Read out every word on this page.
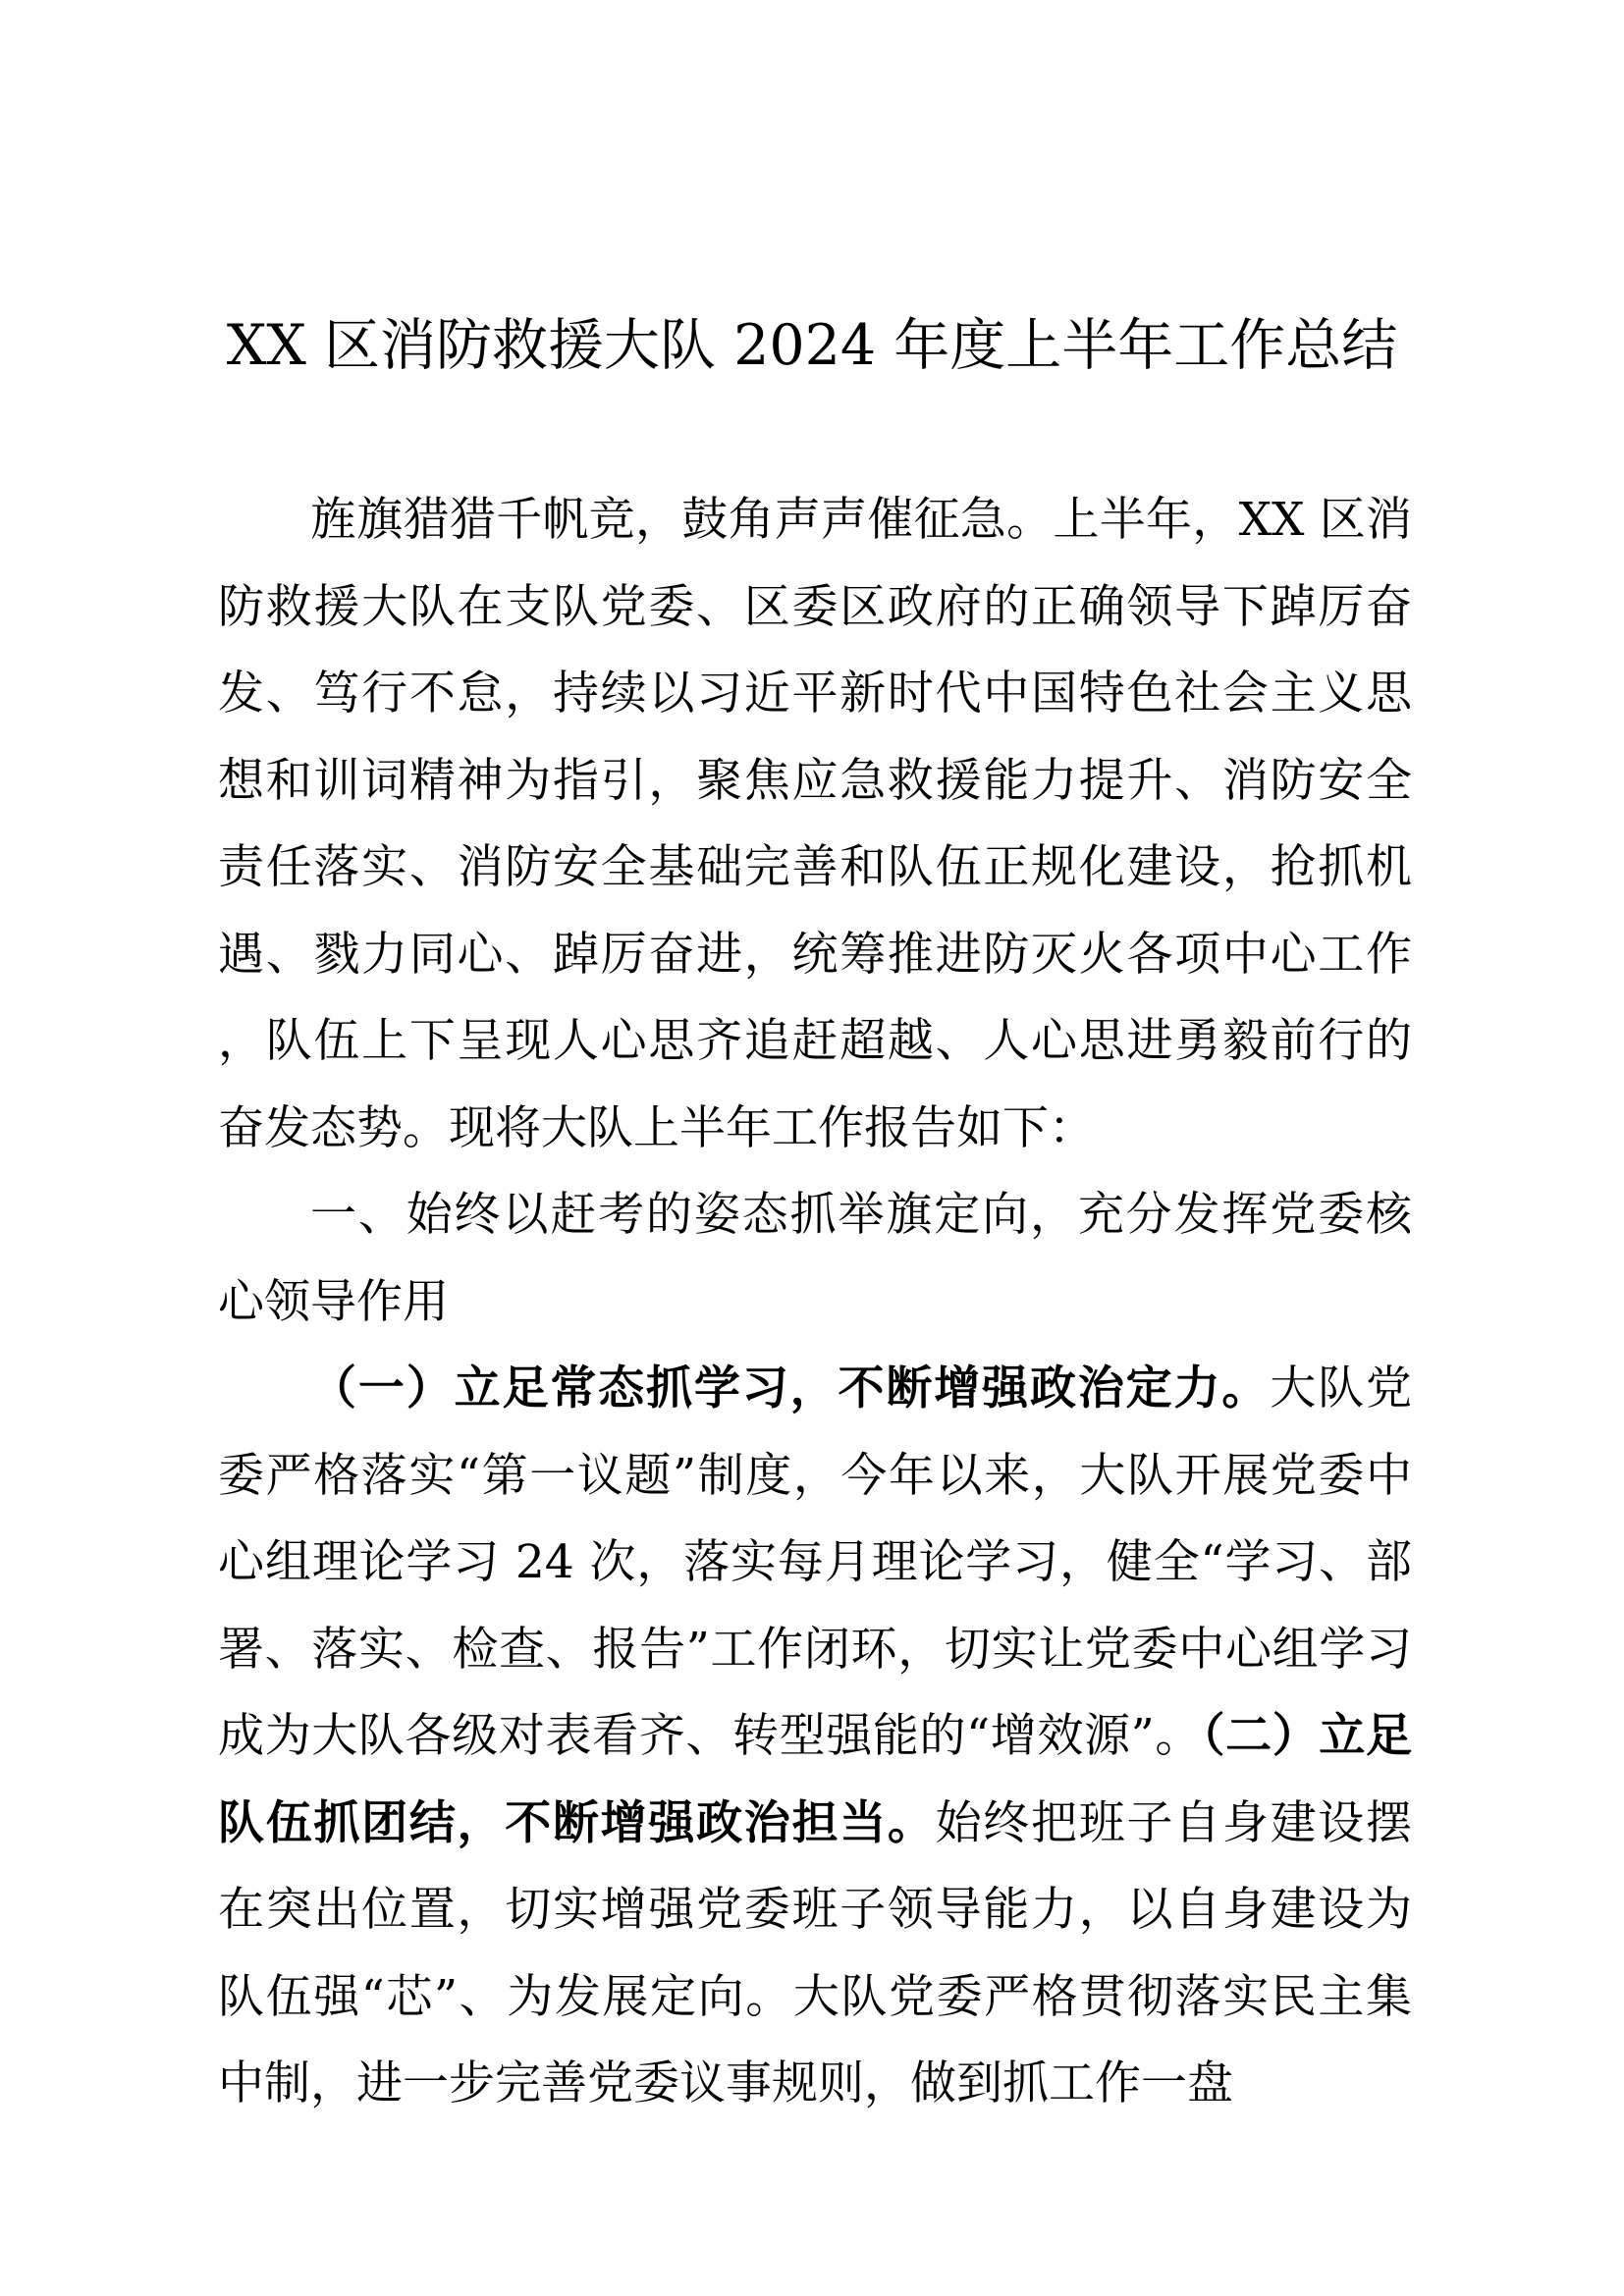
XX 区消防救援大队 2024 年度上半年工作总结

旌旗猎猎千帆竞，鼓角声声催征急。上半年，XX 区消防救援大队在支队党委、区委区政府的正确领导下踔厉奋发、笃行不怠，持续以习近平新时代中国特色社会主义思想和训词精神为指引，聚焦应急救援能力提升、消防安全责任落实、消防安全基础完善和队伍正规化建设，抢抓机遇、戮力同心、踔厉奋进，统筹推进防灭火各项中心工作，队伍上下呈现人心思齐追赶超越、人心思进勇毅前行的奋发态势。现将大队上半年工作报告如下：

一、始终以赶考的姿态抓举旗定向，充分发挥党委核心领导作用

（一）立足常态抓学习，不断增强政治定力。大队党委严格落实“第一议题”制度，今年以来，大队开展党委中心组理论学习 24 次，落实每月理论学习，健全“学习、部署、落实、检查、报告”工作闭环，切实让党委中心组学习成为大队各级对表看齐、转型强能的“增效源”。（二）立足队伍抓团结，不断增强政治担当。始终把班子自身建设摆在突出位置，切实增强党委班子领导能力，以自身建设为队伍强“芯”、为发展定向。大队党委严格贯彻落实民主集中制，进一步完善党委议事规则，做到抓工作一盘
